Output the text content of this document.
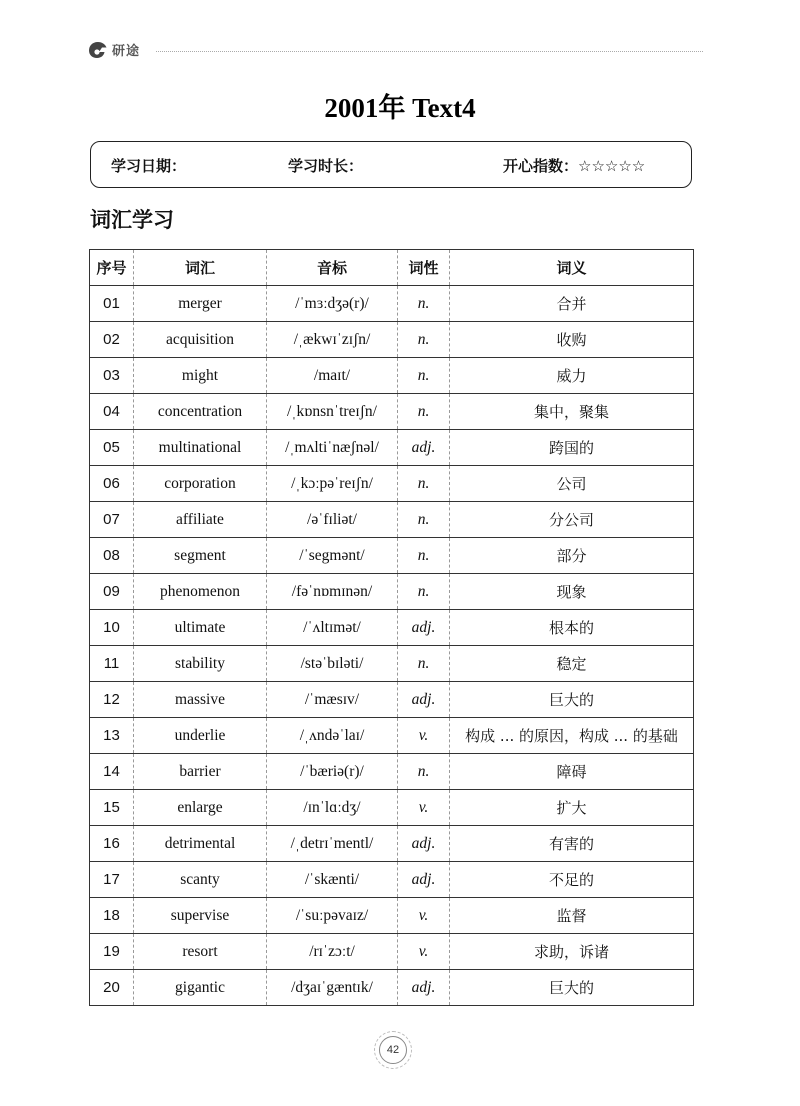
研途
2001年 Text4
学习日期：	学习时长：	开心指数：☆☆☆☆☆
词汇学习
序号	词汇	音标	词性	词义
01	merger	/ˈmɜːdʒə(r)/	n.	合并
02	acquisition	/ˌækwɪˈzɪʃn/	n.	收购
03	might	/maɪt/	n.	威力
04	concentration	/ˌkɒnsnˈtreɪʃn/	n.	集中，聚集
05	multinational	/ˌmʌltiˈnæʃnəl/	adj.	跨国的
06	corporation	/ˌkɔːpəˈreɪʃn/	n.	公司
07	affiliate	/əˈfɪliət/	n.	分公司
08	segment	/ˈsegmənt/	n.	部分
09	phenomenon	/fəˈnɒmɪnən/	n.	现象
10	ultimate	/ˈʌltɪmət/	adj.	根本的
11	stability	/stəˈbɪləti/	n.	稳定
12	massive	/ˈmæsɪv/	adj.	巨大的
13	underlie	/ˌʌndəˈlaɪ/	v.	构成 ... 的原因，构成 ... 的基础
14	barrier	/ˈbæriə(r)/	n.	障碍
15	enlarge	/ɪnˈlɑːdʒ/	v.	扩大
16	detrimental	/ˌdetrɪˈmentl/	adj.	有害的
17	scanty	/ˈskænti/	adj.	不足的
18	supervise	/ˈsuːpəvaɪz/	v.	监督
19	resort	/rɪˈzɔːt/	v.	求助，诉诸
20	gigantic	/dʒaɪˈgæntɪk/	adj.	巨大的
42
